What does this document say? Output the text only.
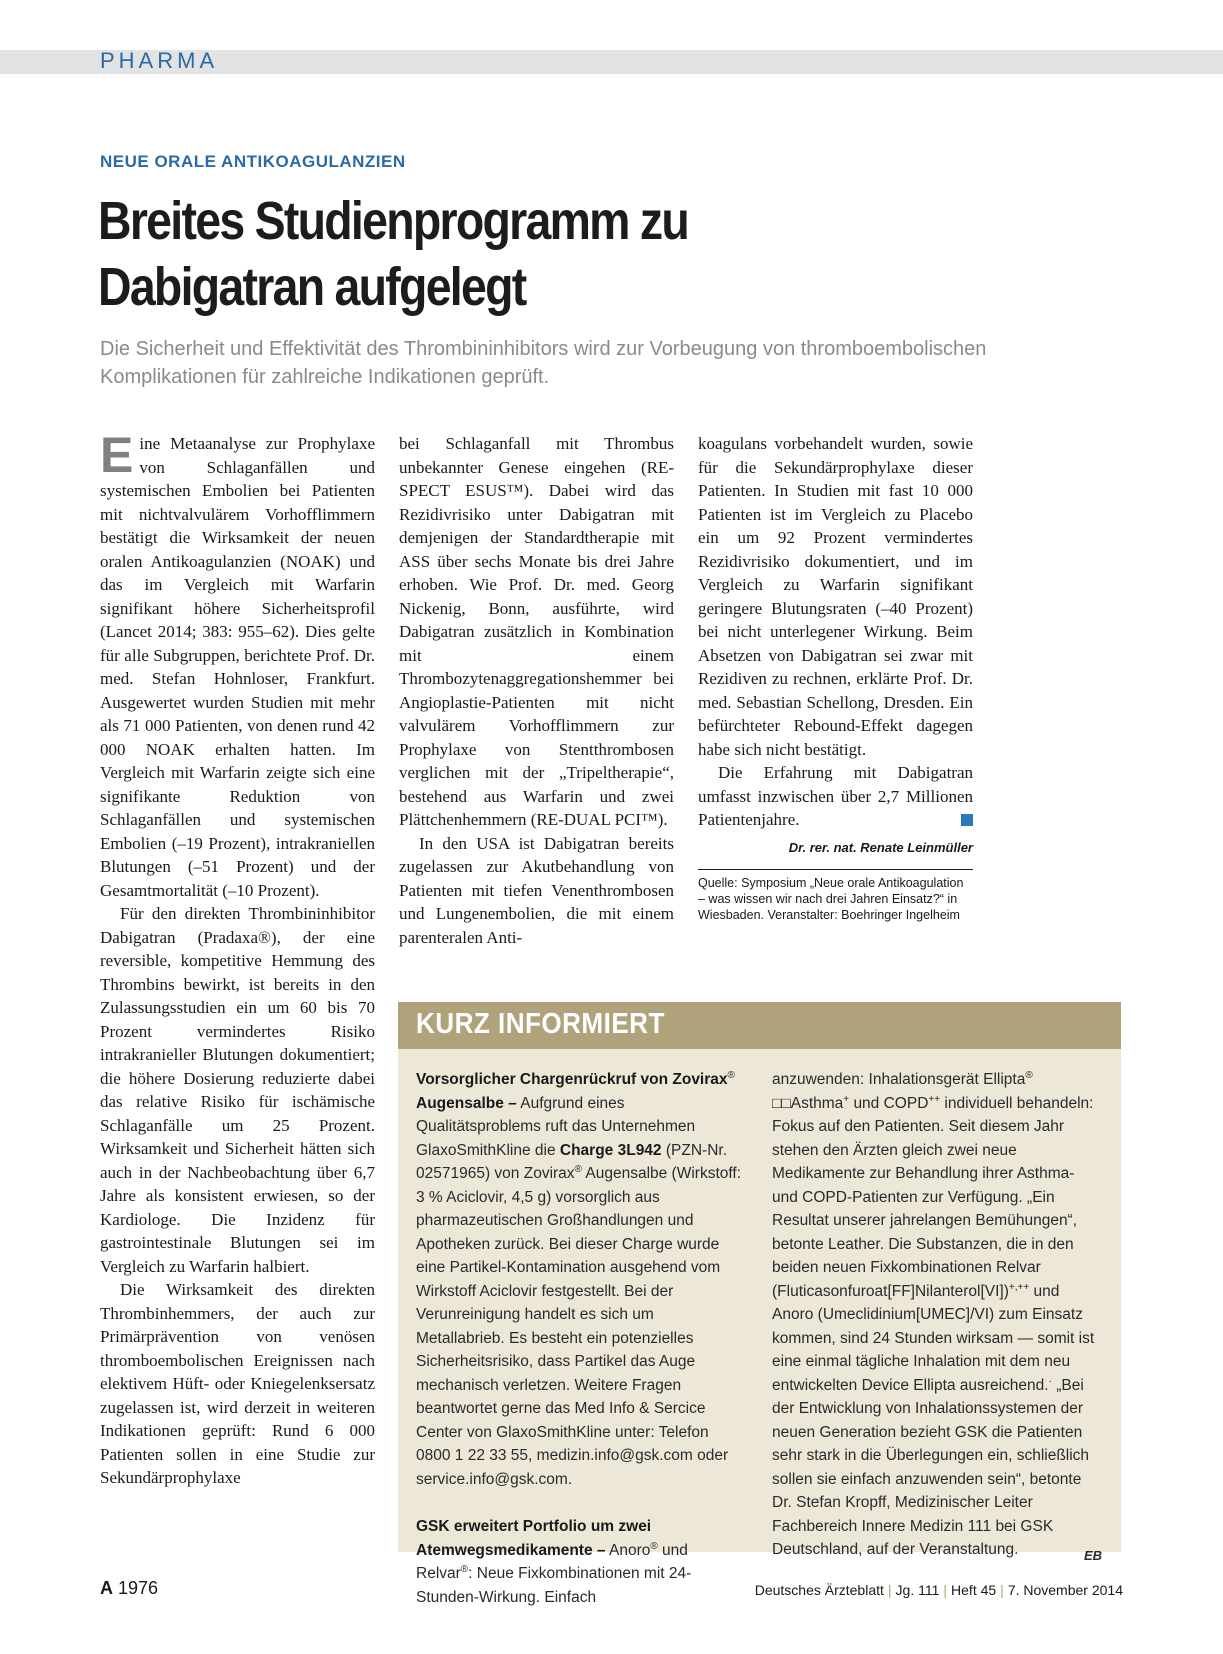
PHARMA
NEUE ORALE ANTIKOAGULANZIEN
Breites Studienprogramm zu
Dabigatran aufgelegt
Die Sicherheit und Effektivität des Thrombininhibitors wird zur Vorbeugung von thromboembolischen Komplikationen für zahlreiche Indikationen geprüft.

Eine Metaanalyse zur Prophylaxe von Schlaganfällen und systemischen Embolien bei Patienten mit nichtvalvulärem Vorhofflimmern bestätigt die Wirksamkeit der neuen oralen Antikoagulanzien (NOAK) und das im Vergleich mit Warfarin signifikant höhere Sicherheitsprofil (Lancet 2014; 383: 955–62). Dies gelte für alle Subgruppen, berichtete Prof. Dr. med. Stefan Hohnloser, Frankfurt. Ausgewertet wurden Studien mit mehr als 71 000 Patienten, von denen rund 42 000 NOAK erhalten hatten. Im Vergleich mit Warfarin zeigte sich eine signifikante Reduktion von Schlaganfällen und systemischen Embolien (–19 Prozent), intrakraniellen Blutungen (–51 Prozent) und der Gesamtmortalität (–10 Prozent).

Für den direkten Thrombininhibitor Dabigatran (Pradaxa®), der eine reversible, kompetitive Hemmung des Thrombins bewirkt, ist bereits in den Zulassungsstudien ein um 60 bis 70 Prozent vermindertes Risiko intrakranieller Blutungen dokumentiert; die höhere Dosierung reduzierte dabei das relative Risiko für ischämische Schlaganfälle um 25 Prozent. Wirksamkeit und Sicherheit hätten sich auch in der Nachbeobachtung über 6,7 Jahre als konsistent erwiesen, so der Kardiologe. Die Inzidenz für gastrointestinale Blutungen sei im Vergleich zu Warfarin halbiert.

Die Wirksamkeit des direkten Thrombinhemmers, der auch zur Primärprävention von venösen thromboembolischen Ereignissen nach elektivem Hüft- oder Kniegelenksersatz zugelassen ist, wird derzeit in weiteren Indikationen geprüft: Rund 6 000 Patienten sollen in eine Studie zur Sekundärprophylaxe

bei Schlaganfall mit Thrombus unbekannter Genese eingehen (RE-SPECT ESUS™). Dabei wird das Rezidivrisiko unter Dabigatran mit demjenigen der Standardtherapie mit ASS über sechs Monate bis drei Jahre erhoben. Wie Prof. Dr. med. Georg Nickenig, Bonn, ausführte, wird Dabigatran zusätzlich in Kombination mit einem Thrombozytenaggregationshemmer bei Angioplastie-Patienten mit nicht valvulärem Vorhofflimmern zur Prophylaxe von Stentthrombosen verglichen mit der „Tripeltherapie“, bestehend aus Warfarin und zwei Plättchenhemmern (RE-DUAL PCI™).

In den USA ist Dabigatran bereits zugelassen zur Akutbehandlung von Patienten mit tiefen Venenthrombosen und Lungenembolien, die mit einem parenteralen Anti-

koagulans vorbehandelt wurden, sowie für die Sekundärprophylaxe dieser Patienten. In Studien mit fast 10 000 Patienten ist im Vergleich zu Placebo ein um 92 Prozent vermindertes Rezidivrisiko dokumentiert, und im Vergleich zu Warfarin signifikant geringere Blutungsraten (–40 Prozent) bei nicht unterlegener Wirkung. Beim Absetzen von Dabigatran sei zwar mit Rezidiven zu rechnen, erklärte Prof. Dr. med. Sebastian Schellong, Dresden. Ein befürchteter Rebound-Effekt dagegen habe sich nicht bestätigt.

Die Erfahrung mit Dabigatran umfasst inzwischen über 2,7 Millionen Patientenjahre.

Dr. rer. nat. Renate Leinmüller
Quelle: Symposium „Neue orale Antikoagulation – was wissen wir nach drei Jahren Einsatz?“ in Wiesbaden. Veranstalter: Boehringer Ingelheim
KURZ INFORMIERT

Vorsorglicher Chargenrückruf von Zovirax® Augensalbe – Aufgrund eines Qualitätsproblems ruft das Unternehmen GlaxoSmithKline die Charge 3L942 (PZN-Nr. 02571965) von Zovirax® Augensalbe (Wirkstoff: 3 % Aciclovir, 4,5 g) vorsorglich aus pharmazeutischen Großhandlungen und Apotheken zurück. Bei dieser Charge wurde eine Partikel-Kontamination ausgehend vom Wirkstoff Aciclovir festgestellt. Bei der Verunreinigung handelt es sich um Metallabrieb. Es besteht ein potenzielles Sicherheitsrisiko, dass Partikel das Auge mechanisch verletzen. Weitere Fragen beantwortet gerne das Med Info & Sercice Center von GlaxoSmithKline unter: Telefon 0800 1 22 33 55, medizin.info@gsk.com oder service.info@gsk.com.

GSK erweitert Portfolio um zwei Atemwegsmedikamente – Anoro® und Relvar®: Neue Fixkombinationen mit 24-Stunden-Wirkung. Einfach

anzuwenden: Inhalationsgerät Ellipta® □□Asthma+ und COPD++ individuell behandeln: Fokus auf den Patienten. Seit diesem Jahr stehen den Ärzten gleich zwei neue Medikamente zur Behandlung ihrer Asthma- und COPD-Patienten zur Verfügung. „Ein Resultat unserer jahrelangen Bemühungen“, betonte Leather. Die Substanzen, die in den beiden neuen Fixkombinationen Relvar (Fluticasonfuroat[FF]Nilanterol[VI])+,++ und Anoro (Umeclidinium[UMEC]/VI) zum Einsatz kommen, sind 24 Stunden wirksam — somit ist eine einmal tägliche Inhalation mit dem neu entwickelten Device Ellipta ausreichend.· „Bei der Entwicklung von Inhalationssystemen der neuen Generation bezieht GSK die Patienten sehr stark in die Überlegungen ein, schließlich sollen sie einfach anzuwenden sein“, betonte Dr. Stefan Kropff, Medizinischer Leiter Fachbereich Innere Medizin 111 bei GSK Deutschland, auf der Veranstaltung.	EB
A 1976	Deutsches Ärzteblatt | Jg. 111 | Heft 45 | 7. November 2014
